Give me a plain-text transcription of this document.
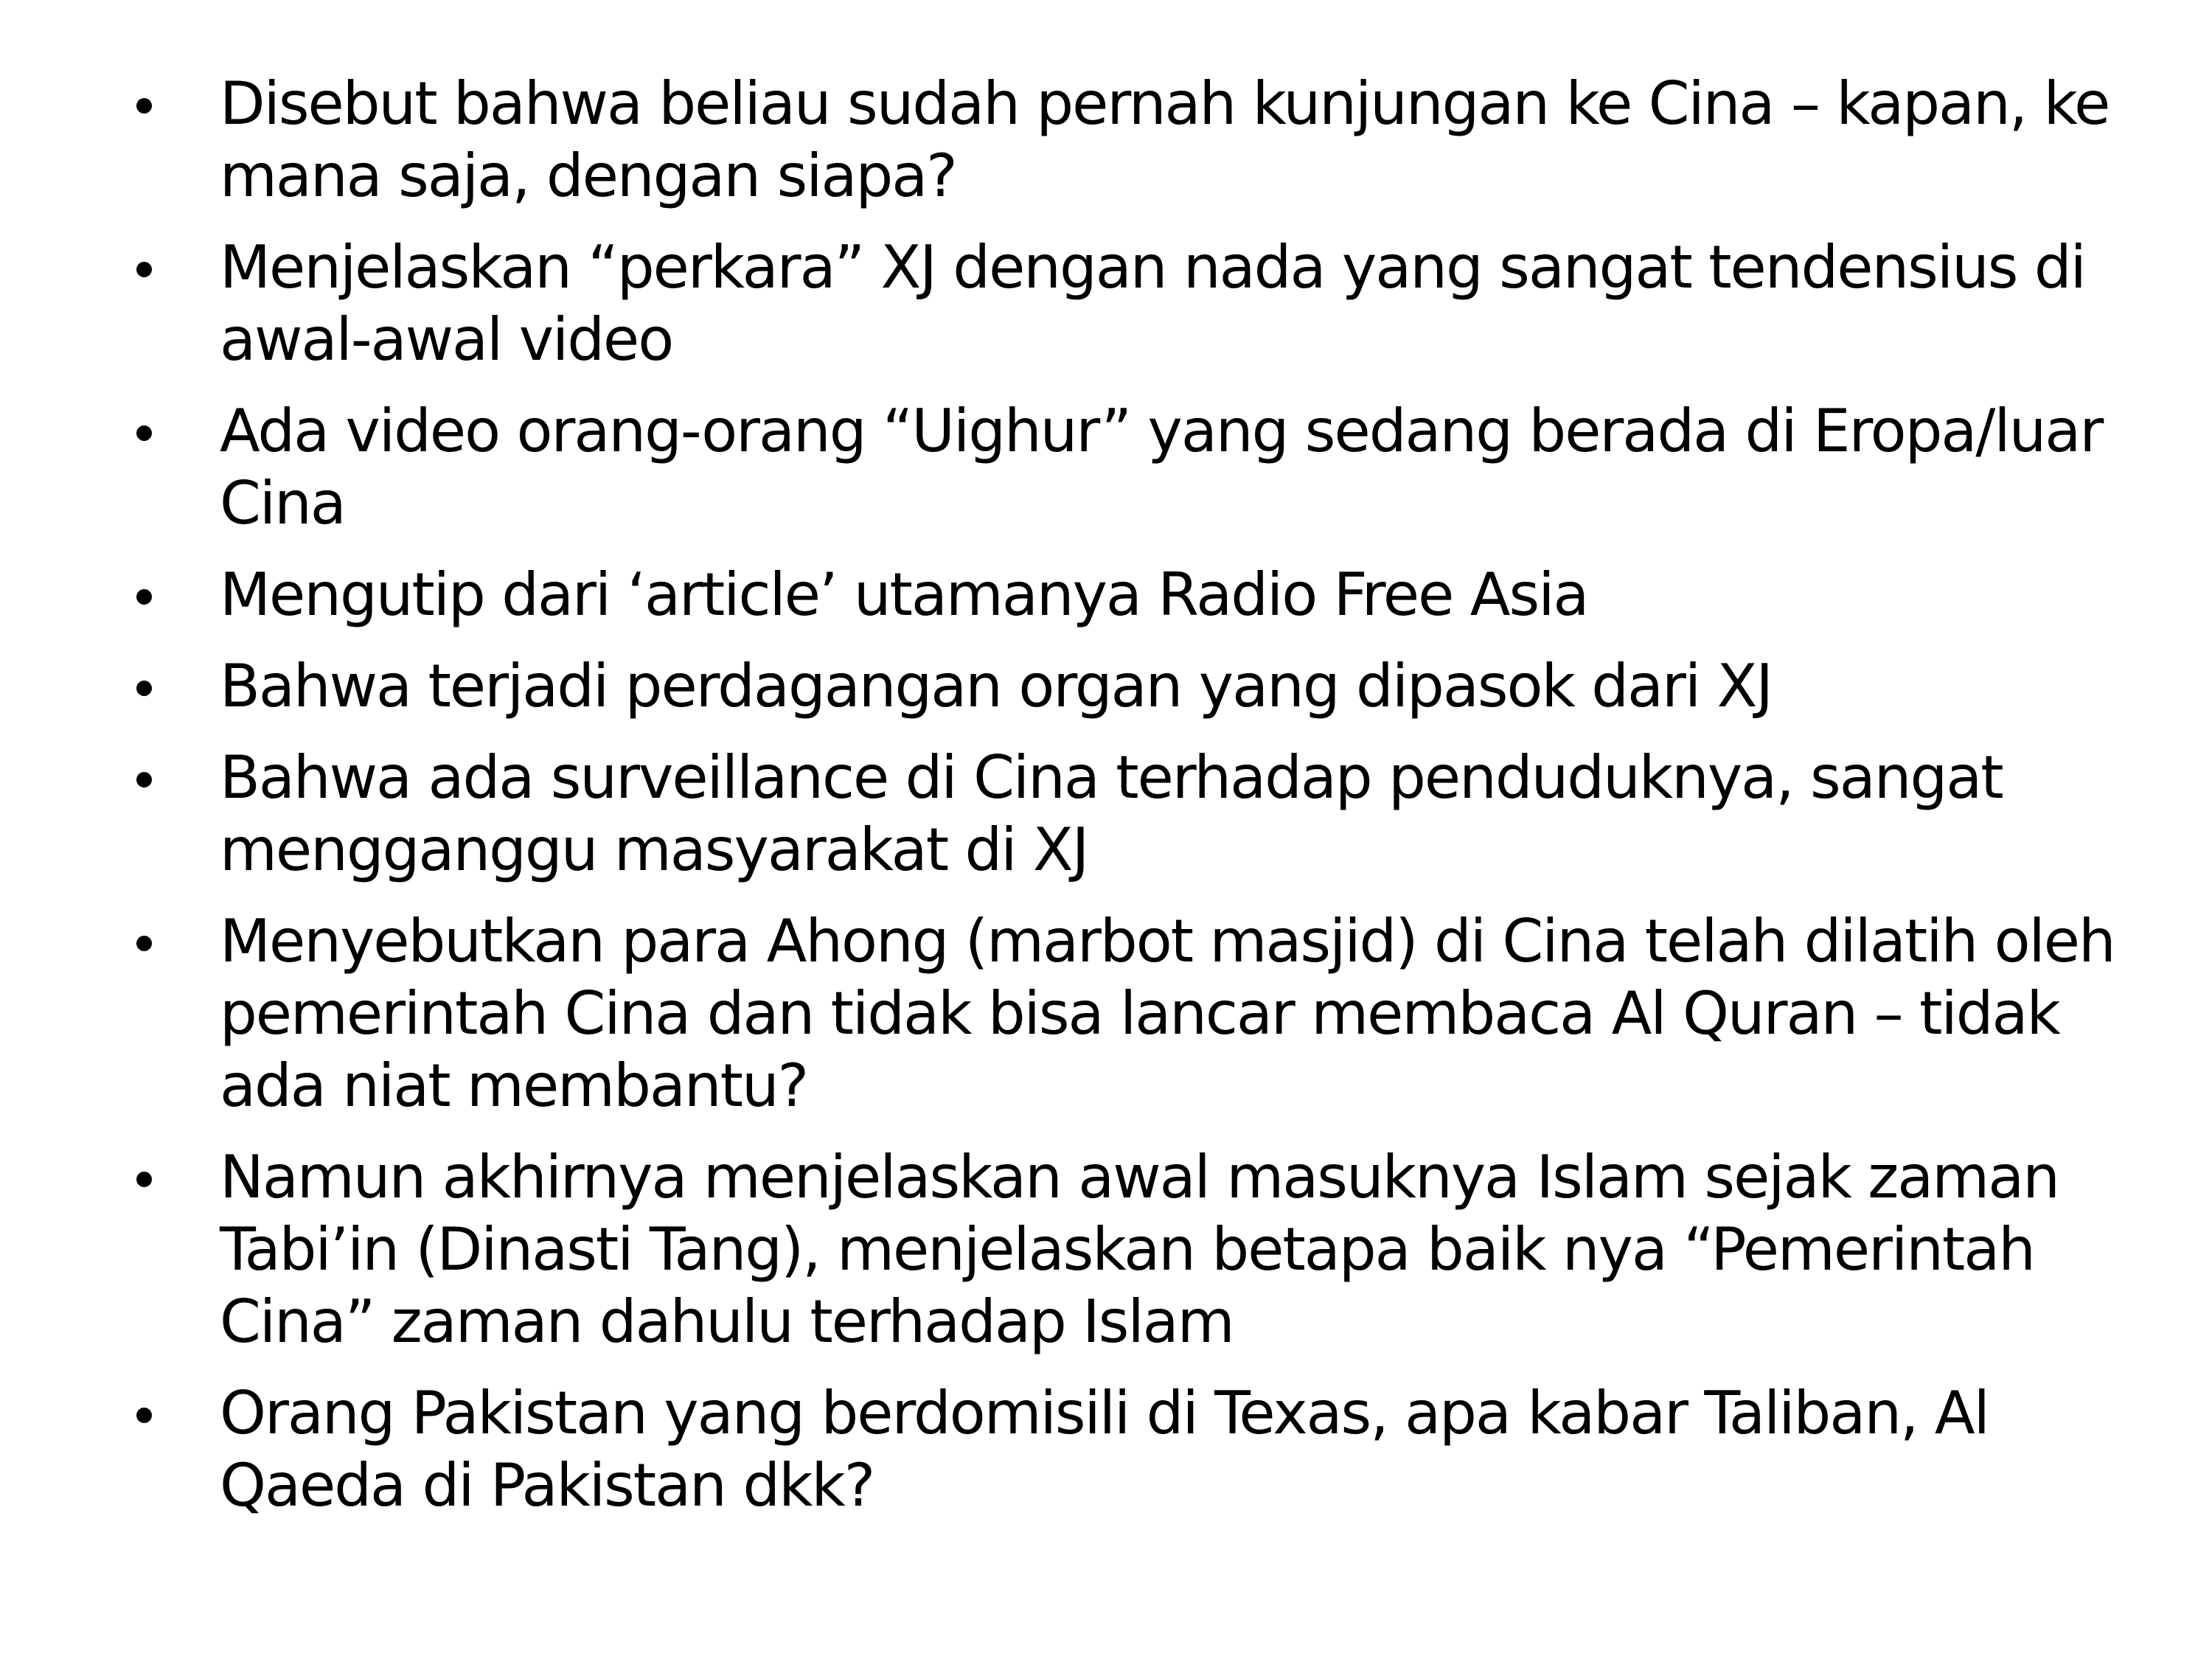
Disebut bahwa beliau sudah pernah kunjungan ke Cina – kapan, ke mana saja, dengan siapa?
Menjelaskan “perkara” XJ dengan nada yang sangat tendensius di awal-awal video
Ada video orang-orang “Uighur” yang sedang berada di Eropa/luar Cina
Mengutip dari ‘article’ utamanya Radio Free Asia
Bahwa terjadi perdagangan organ yang dipasok dari XJ
Bahwa ada surveillance di Cina terhadap penduduknya, sangat mengganggu masyarakat di XJ
Menyebutkan para Ahong (marbot masjid) di Cina telah dilatih oleh pemerintah Cina dan tidak bisa lancar membaca Al Quran – tidak ada niat membantu?
Namun akhirnya menjelaskan awal masuknya Islam sejak zaman Tabi’in (Dinasti Tang), menjelaskan betapa baik nya “Pemerintah Cina” zaman dahulu terhadap Islam
Orang Pakistan yang berdomisili di Texas, apa kabar Taliban, Al Qaeda di Pakistan dkk?
